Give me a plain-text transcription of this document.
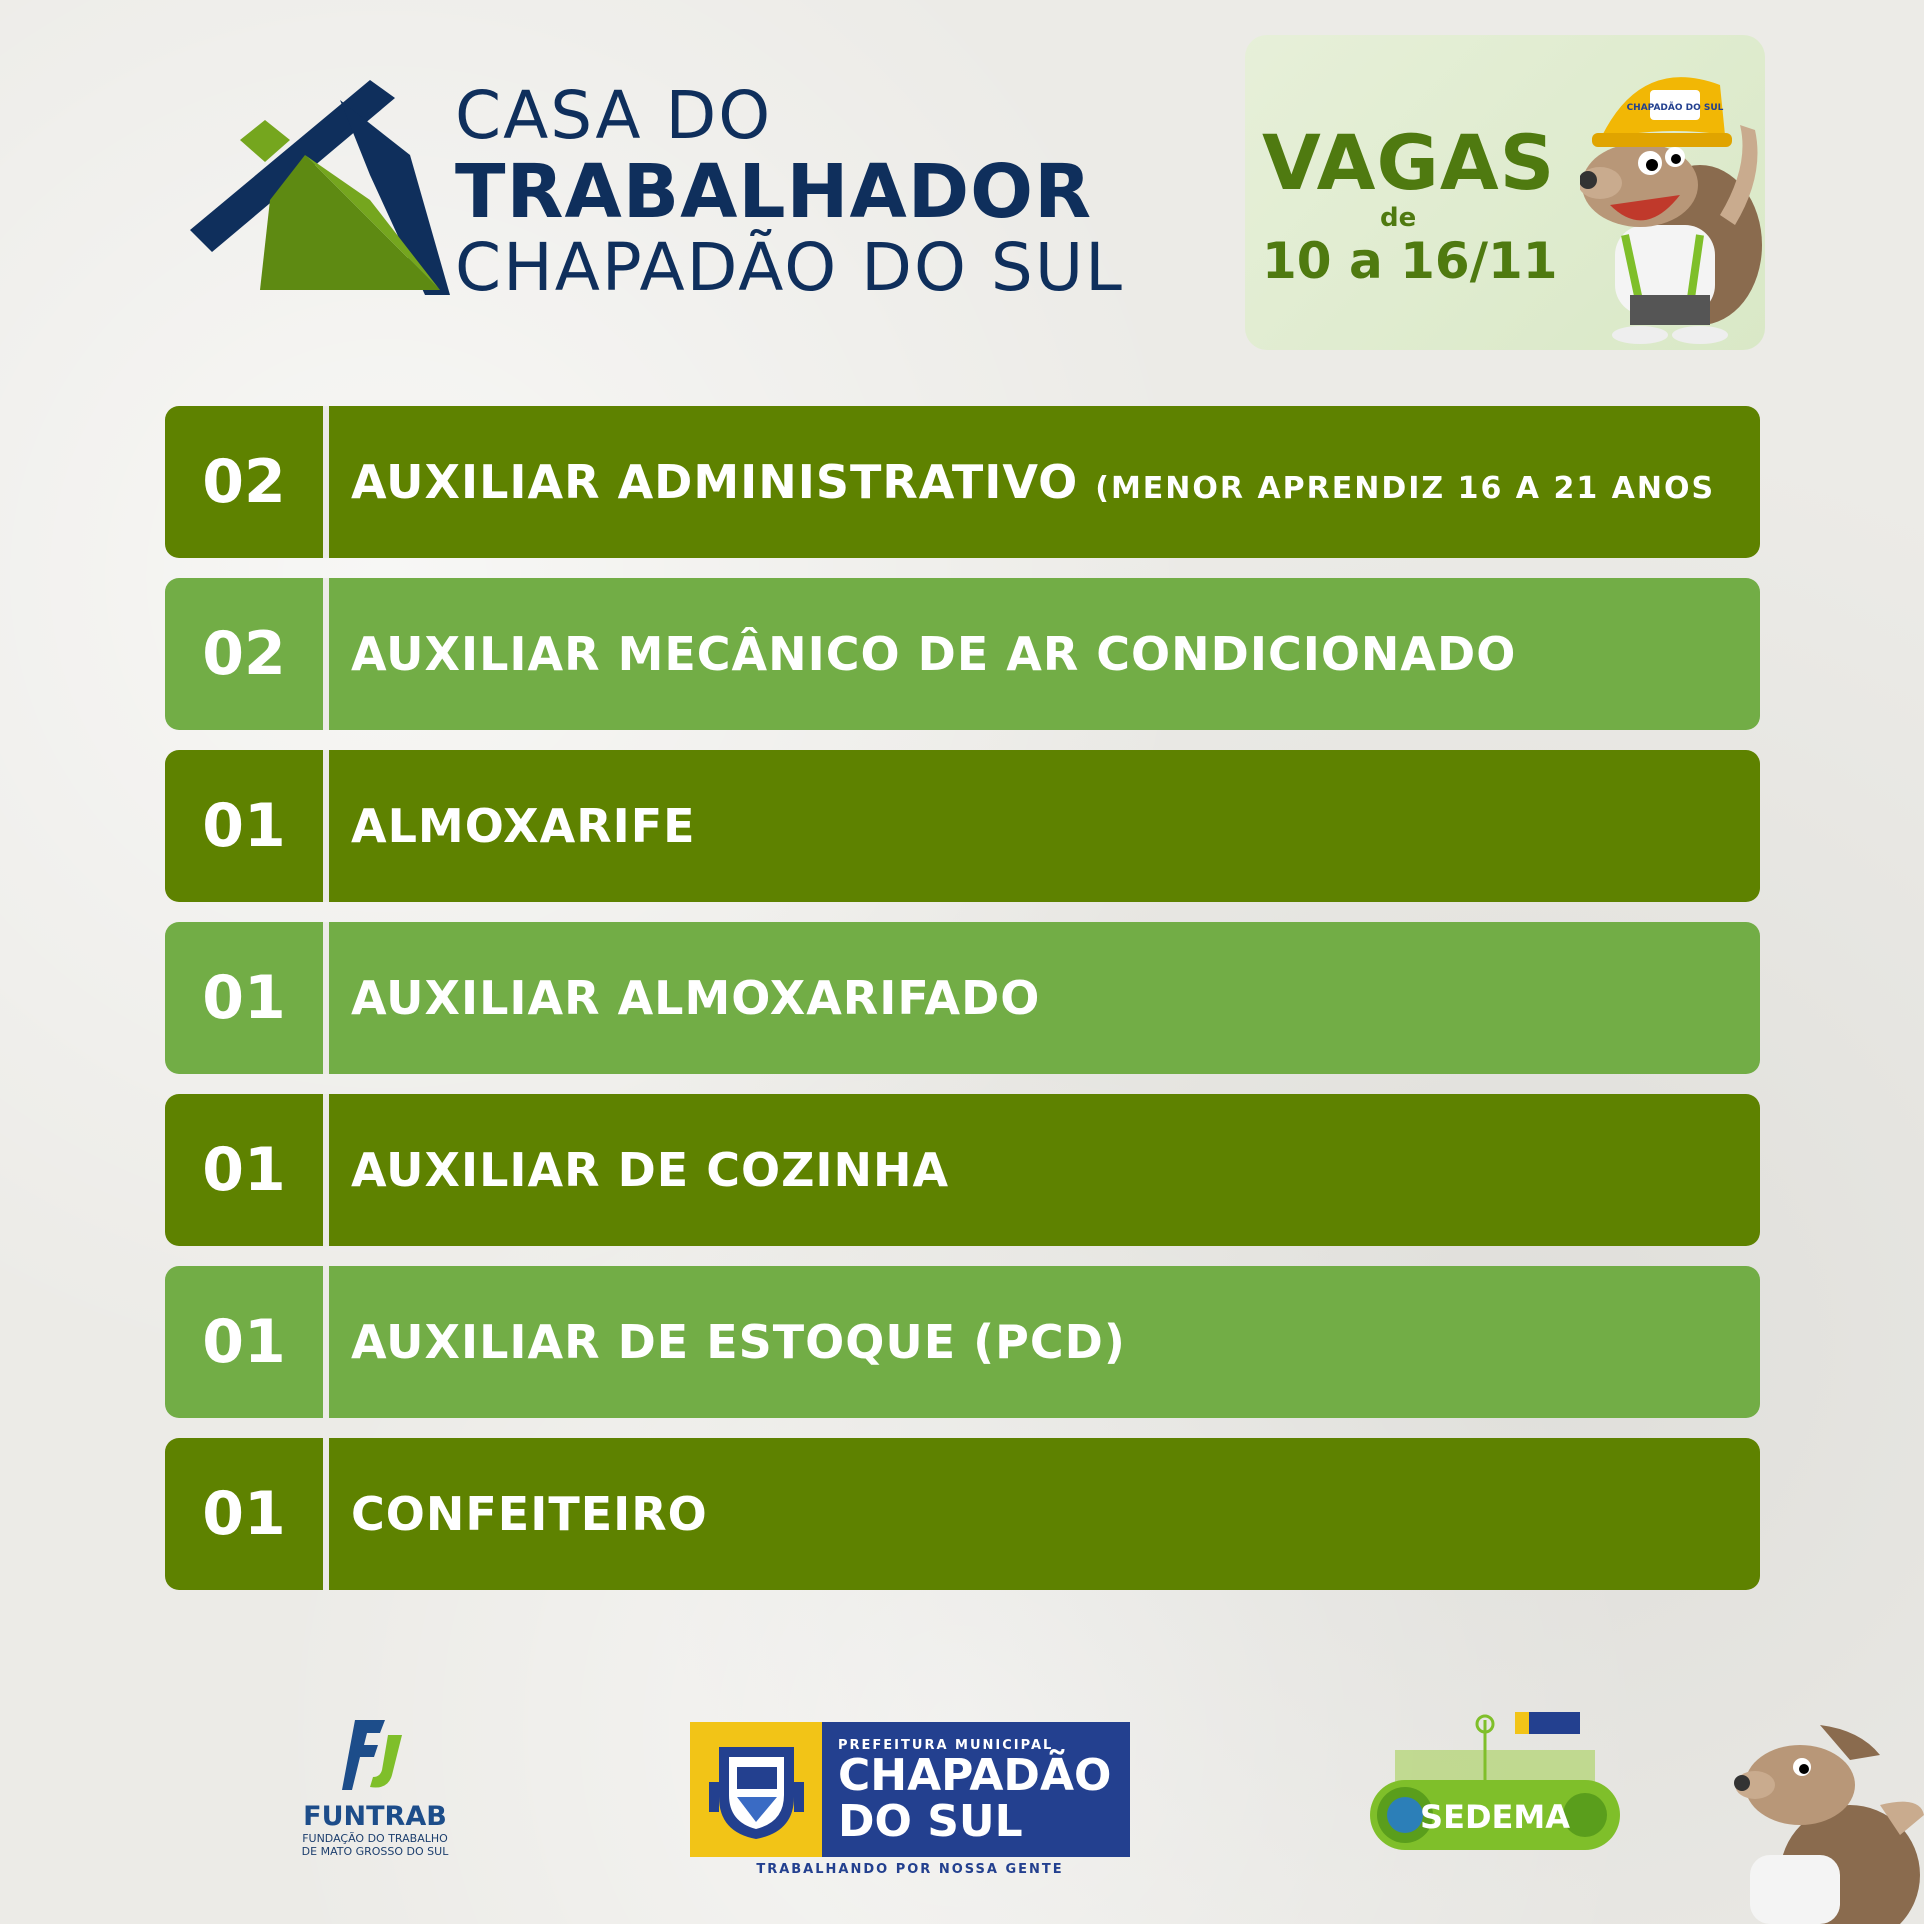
CASA DO
TRABALHADOR
CHAPADÃO DO SUL
VAGAS
de
10 a 16/11
CHAPADÃO DO SUL
02	AUXILIAR ADMINISTRATIVO (MENOR APRENDIZ 16 A 21 ANOS
02	AUXILIAR MECÂNICO DE AR CONDICIONADO
01	ALMOXARIFE
01	AUXILIAR ALMOXARIFADO
01	AUXILIAR DE COZINHA
01	AUXILIAR DE ESTOQUE (PCD)
01	CONFEITEIRO
FUNTRAB
FUNDAÇÃO DO TRABALHO
DE MATO GROSSO DO SUL
PREFEITURA MUNICIPAL
CHAPADÃO
DO SUL
TRABALHANDO POR NOSSA GENTE
SEDEMA
